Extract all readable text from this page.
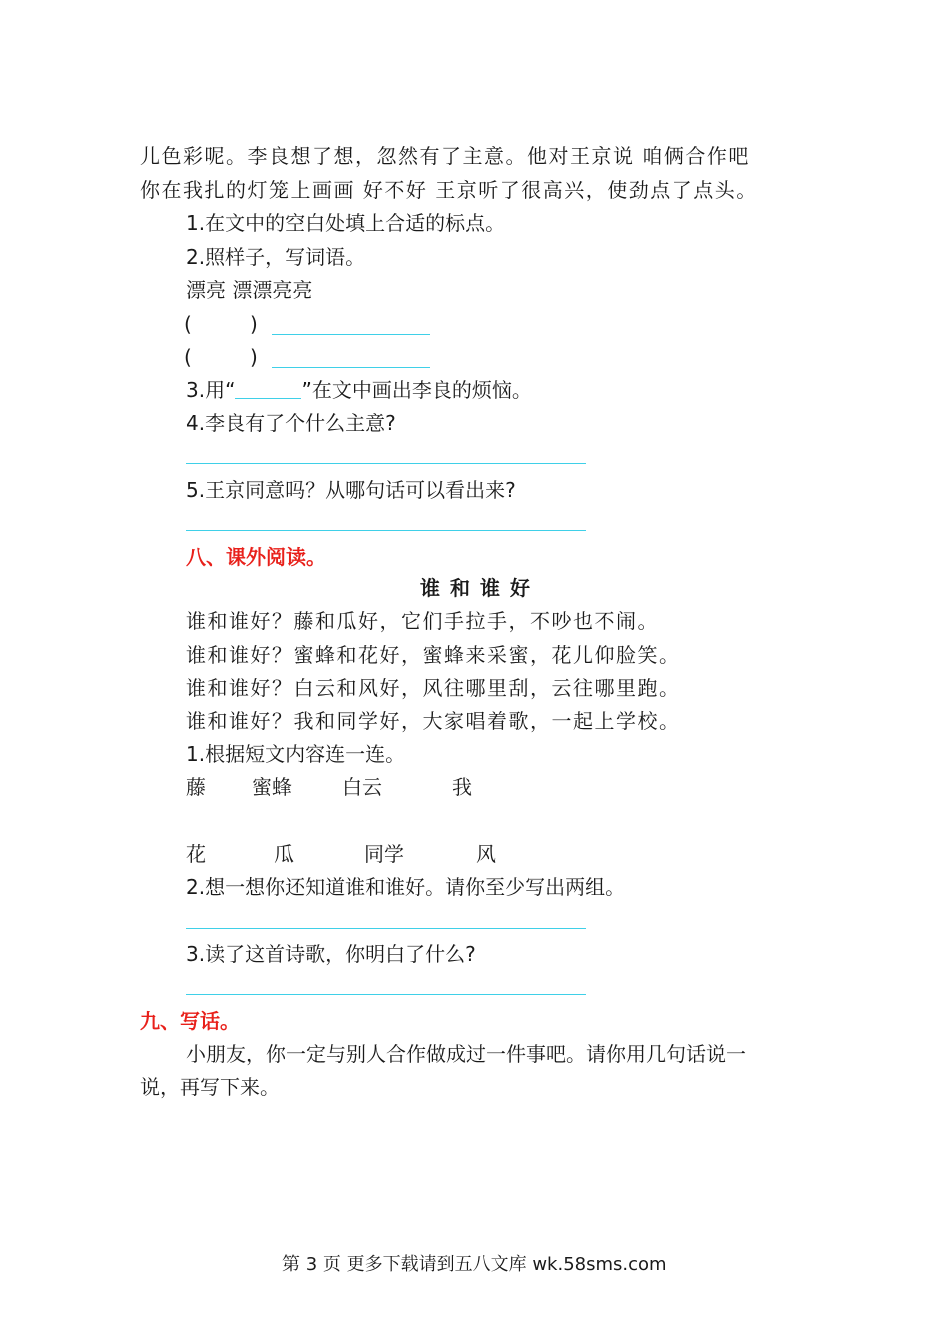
儿色彩呢。李良想了想，忽然有了主意。他对王京说 咱俩合作吧
你在我扎的灯笼上画画 好不好 王京听了很高兴，使劲点了点头。
1.在文中的空白处填上合适的标点。
2.照样子，写词语。
漂亮 漂漂亮亮
(	)
(	)
3.用“	”在文中画出李良的烦恼。
4.李良有了个什么主意?
5.王京同意吗？从哪句话可以看出来?
八、课外阅读。
谁和谁好
谁和谁好？藤和瓜好，它们手拉手，不吵也不闹。
谁和谁好？蜜蜂和花好，蜜蜂来采蜜，花儿仰脸笑。
谁和谁好？白云和风好，风往哪里刮，云往哪里跑。
谁和谁好？我和同学好，大家唱着歌，一起上学校。
1.根据短文内容连一连。
藤 蜜蜂	白云	我
花	瓜	同学	风
2.想一想你还知道谁和谁好。请你至少写出两组。
3.读了这首诗歌，你明白了什么?
九、写话。
小朋友，你一定与别人合作做成过一件事吧。请你用几句话说一
说，再写下来。
第 3 页 更多下载请到五八文库 wk.58sms.com
